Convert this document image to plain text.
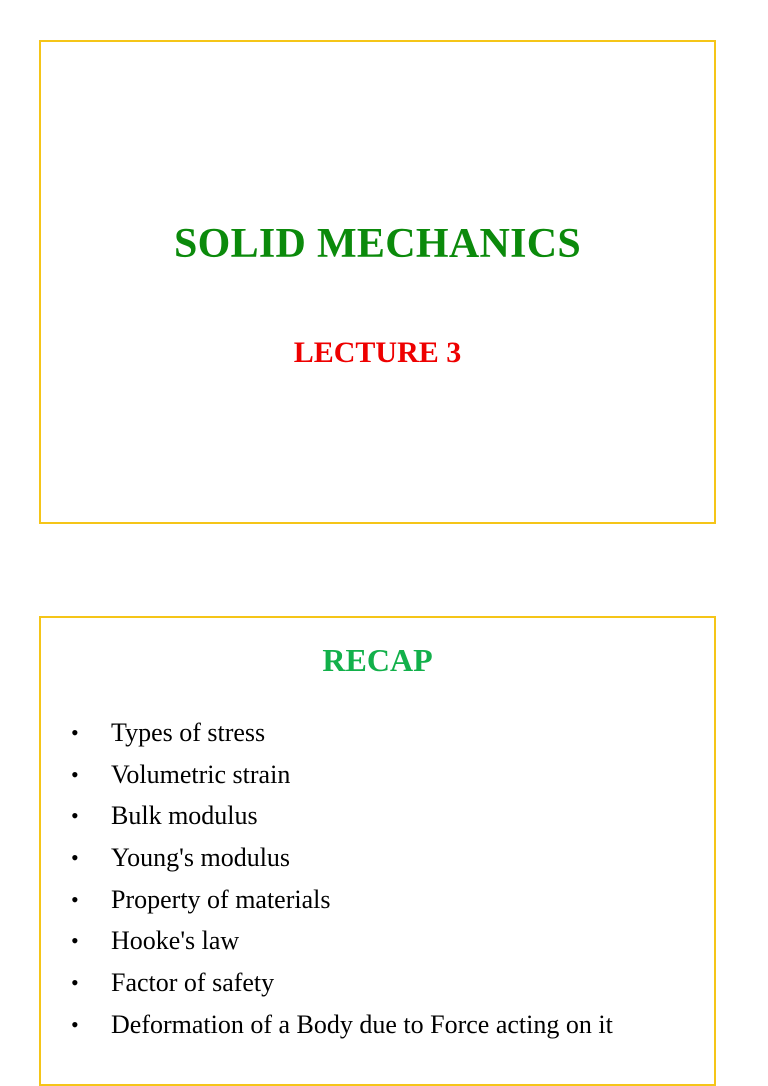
SOLID MECHANICS
LECTURE 3
RECAP
• Types of stress
• Volumetric strain
• Bulk modulus
• Young's modulus
• Property of materials
• Hooke's law
• Factor of safety
• Deformation of a Body due to Force acting on it
